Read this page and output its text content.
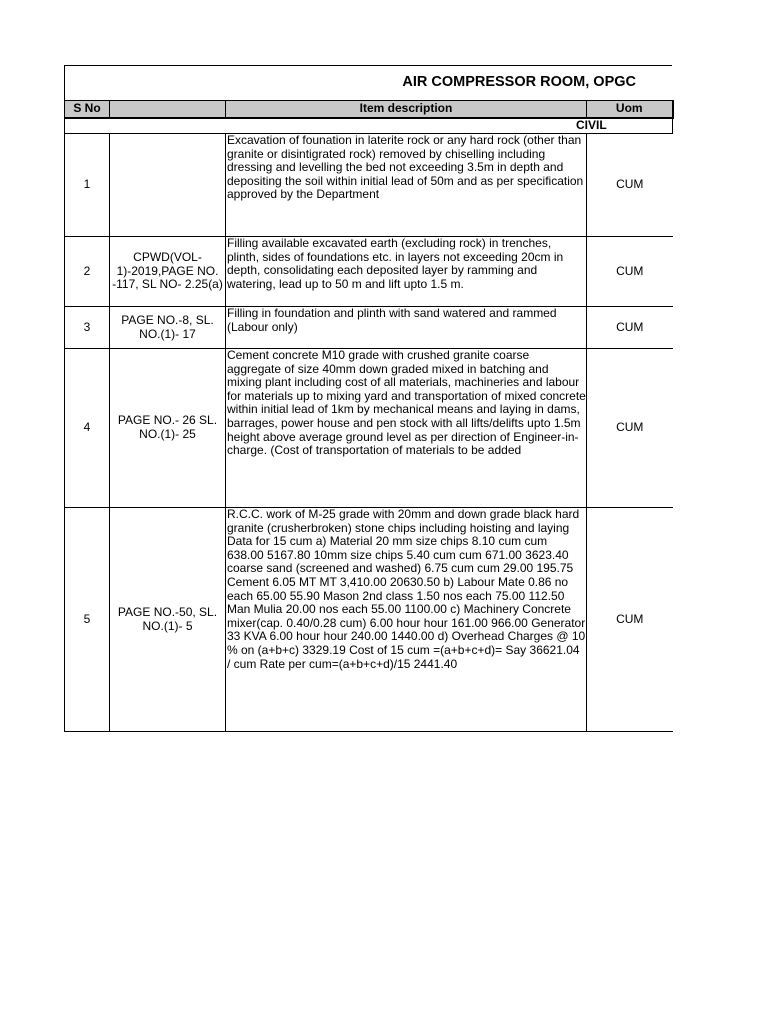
AIR COMPRESSOR ROOM, OPGC
S No		Item description	Uom

CIVIL			

1		Excavation of founation in laterite rock or any hard rock (other than granite or disintigrated rock) removed by chiselling including dressing and levelling the bed not exceeding 3.5m in depth and depositing the soil within initial lead of 50m and as per specification approved by the Department	CUM
2	CPWD(VOL-1)-2019,PAGE NO. -117, SL NO- 2.25(a)	Filling available excavated earth (excluding rock) in trenches, plinth, sides of foundations etc. in layers not exceeding 20cm in depth, consolidating each deposited layer by ramming and watering, lead up to 50 m and lift upto 1.5 m.	CUM
3	PAGE NO.-8, SL. NO.(1)- 17	Filling in foundation and plinth with sand watered and rammed (Labour only)	CUM
4	PAGE NO.- 26 SL. NO.(1)- 25	Cement concrete M10 grade with crushed granite coarse aggregate of size 40mm down graded mixed in batching and mixing plant including cost of all materials, machineries and labour for materials up to mixing yard and transportation of mixed concrete within initial lead of 1km by mechanical means and laying in dams, barrages, power house and pen stock with all lifts/delifts upto 1.5m height above average ground level as per direction of Engineer-in-charge. (Cost of transportation of materials to be added	CUM
5	PAGE NO.-50, SL. NO.(1)- 5	R.C.C. work of M-25 grade with 20mm and down grade black hard granite (crusherbroken) stone chips including hoisting and laying Data for 15 cum a) Material 20 mm size chips 8.10 cum cum 638.00 5167.80 10mm size chips 5.40 cum cum 671.00 3623.40 coarse sand (screened and washed) 6.75 cum cum 29.00 195.75 Cement 6.05 MT MT 3,410.00 20630.50 b) Labour Mate 0.86 no each 65.00 55.90 Mason 2nd class 1.50 nos each 75.00 112.50 Man Mulia 20.00 nos each 55.00 1100.00 c) Machinery Concrete mixer(cap. 0.40/0.28 cum) 6.00 hour hour 161.00 966.00 Generator 33 KVA 6.00 hour hour 240.00 1440.00 d) Overhead Charges @ 10 % on (a+b+c) 3329.19 Cost of 15 cum =(a+b+c+d)= Say 36621.04 / cum Rate per cum=(a+b+c+d)/15 2441.40	CUM
